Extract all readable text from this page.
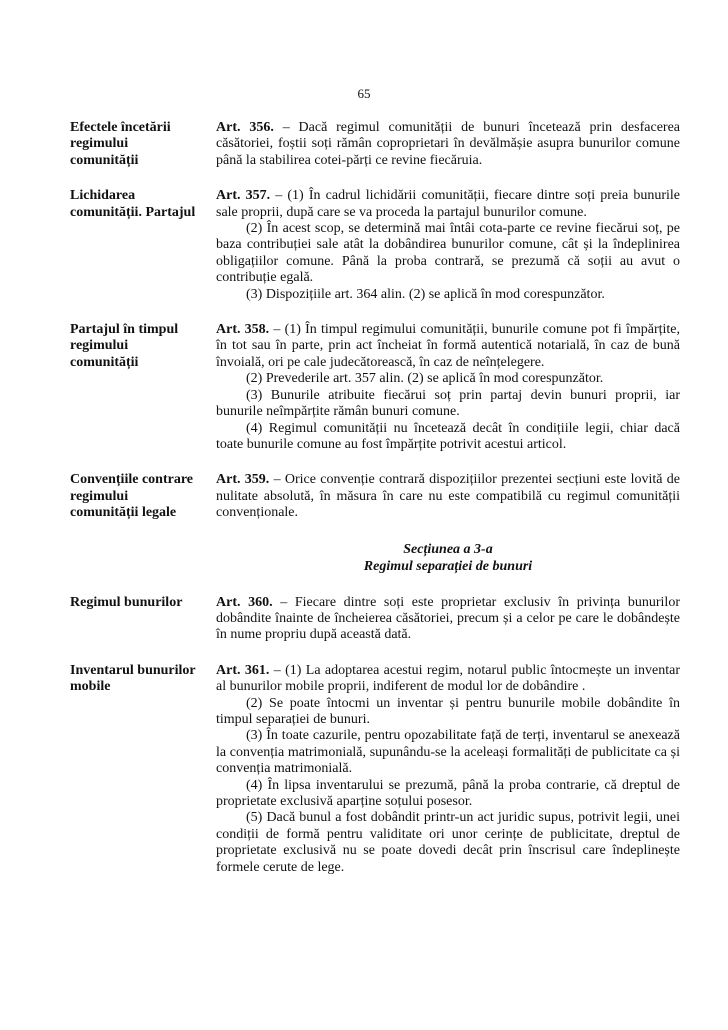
65
Efectele încetării
regimului
comunității

Art. 356. – Dacă regimul comunității de bunuri încetează prin desfacerea căsătoriei, foștii soți rămân coproprietari în devălmășie asupra bunurilor comune până la stabilirea cotei-părți ce revine fiecăruia.

Lichidarea
comunității. Partajul

Art. 357. – (1) În cadrul lichidării comunității, fiecare dintre soți preia bunurile sale proprii, după care se va proceda la partajul bunurilor comune.

(2) În acest scop, se determină mai întâi cota-parte ce revine fiecărui soț, pe baza contribuției sale atât la dobândirea bunurilor comune, cât și la îndeplinirea obligațiilor comune. Până la proba contrară, se prezumă că soții au avut o contribuție egală.

(3) Dispozițiile art. 364 alin. (2) se aplică în mod corespunzător.

Partajul în timpul
regimului
comunității

Art. 358. – (1) În timpul regimului comunității, bunurile comune pot fi împărțite, în tot sau în parte, prin act încheiat în formă autentică notarială, în caz de bună învoială, ori pe cale judecătorească, în caz de neînțelegere.

(2) Prevederile art. 357 alin. (2) se aplică în mod corespunzător.

(3) Bunurile atribuite fiecărui soț prin partaj devin bunuri proprii, iar bunurile neîmpărțite rămân bunuri comune.

(4) Regimul comunității nu încetează decât în condițiile legii, chiar dacă toate bunurile comune au fost împărțite potrivit acestui articol.

Convențiile contrare
regimului
comunității legale

Art. 359. – Orice convenție contrară dispozițiilor prezentei secțiuni este lovită de nulitate absolută, în măsura în care nu este compatibilă cu regimul comunității convenționale.

Secțiunea a 3-a
Regimul separației de bunuri
Regimul bunurilor	Art. 360. – Fiecare dintre soți este proprietar exclusiv în privința bunurilor dobândite înainte de încheierea căsătoriei, precum și a celor pe care le dobândește în nume propriu după această dată.

Inventarul bunurilor
mobile

Art. 361. – (1) La adoptarea acestui regim, notarul public întocmește un inventar al bunurilor mobile proprii, indiferent de modul lor de dobândire .

(2) Se poate întocmi un inventar și pentru bunurile mobile dobândite în timpul separației de bunuri.

(3) În toate cazurile, pentru opozabilitate față de terți, inventarul se anexează la convenția matrimonială, supunându-se la aceleași formalități de publicitate ca și convenția matrimonială.

(4) În lipsa inventarului se prezumă, până la proba contrarie, că dreptul de proprietate exclusivă aparține soțului posesor.

(5) Dacă bunul a fost dobândit printr-un act juridic supus, potrivit legii, unei condiții de formă pentru validitate ori unor cerințe de publicitate, dreptul de proprietate exclusivă nu se poate dovedi decât prin înscrisul care îndeplinește formele cerute de lege.
